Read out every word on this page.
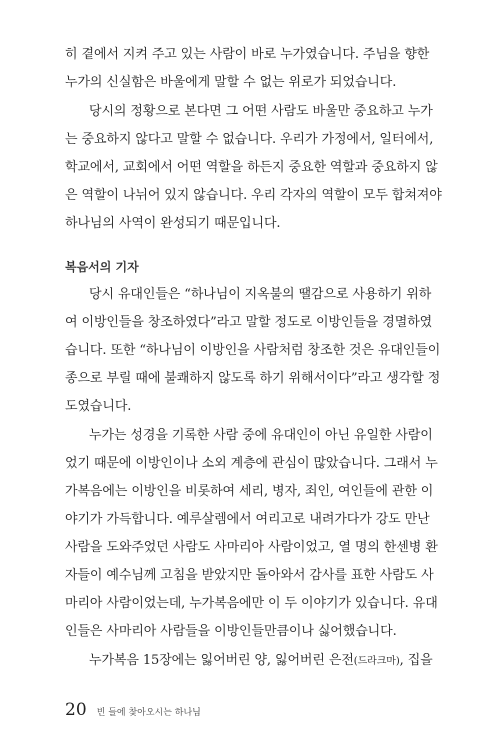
히 곁에서 지켜 주고 있는 사람이 바로 누가였습니다. 주님을 향한
누가의 신실함은 바울에게 말할 수 없는 위로가 되었습니다.
당시의 정황으로 본다면 그 어떤 사람도 바울만 중요하고 누가
는 중요하지 않다고 말할 수 없습니다. 우리가 가정에서, 일터에서,
학교에서, 교회에서 어떤 역할을 하든지 중요한 역할과 중요하지 않
은 역할이 나뉘어 있지 않습니다. 우리 각자의 역할이 모두 합쳐져야
하나님의 사역이 완성되기 때문입니다.
복음서의 기자
당시 유대인들은 “하나님이 지옥불의 땔감으로 사용하기 위하
여 이방인들을 창조하였다”라고 말할 정도로 이방인들을 경멸하였
습니다. 또한 “하나님이 이방인을 사람처럼 창조한 것은 유대인들이
종으로 부릴 때에 불쾌하지 않도록 하기 위해서이다”라고 생각할 정
도였습니다.
누가는 성경을 기록한 사람 중에 유대인이 아닌 유일한 사람이
었기 때문에 이방인이나 소외 계층에 관심이 많았습니다. 그래서 누
가복음에는 이방인을 비롯하여 세리, 병자, 죄인, 여인들에 관한 이
야기가 가득합니다. 예루살렘에서 여리고로 내려가다가 강도 만난
사람을 도와주었던 사람도 사마리아 사람이었고, 열 명의 한센병 환
자들이 예수님께 고침을 받았지만 돌아와서 감사를 표한 사람도 사
마리아 사람이었는데, 누가복음에만 이 두 이야기가 있습니다. 유대
인들은 사마리아 사람들을 이방인들만큼이나 싫어했습니다.
누가복음 15장에는 잃어버린 양, 잃어버린 은전(드라크마), 집을
20 빈 들에 찾아오시는 하나님
